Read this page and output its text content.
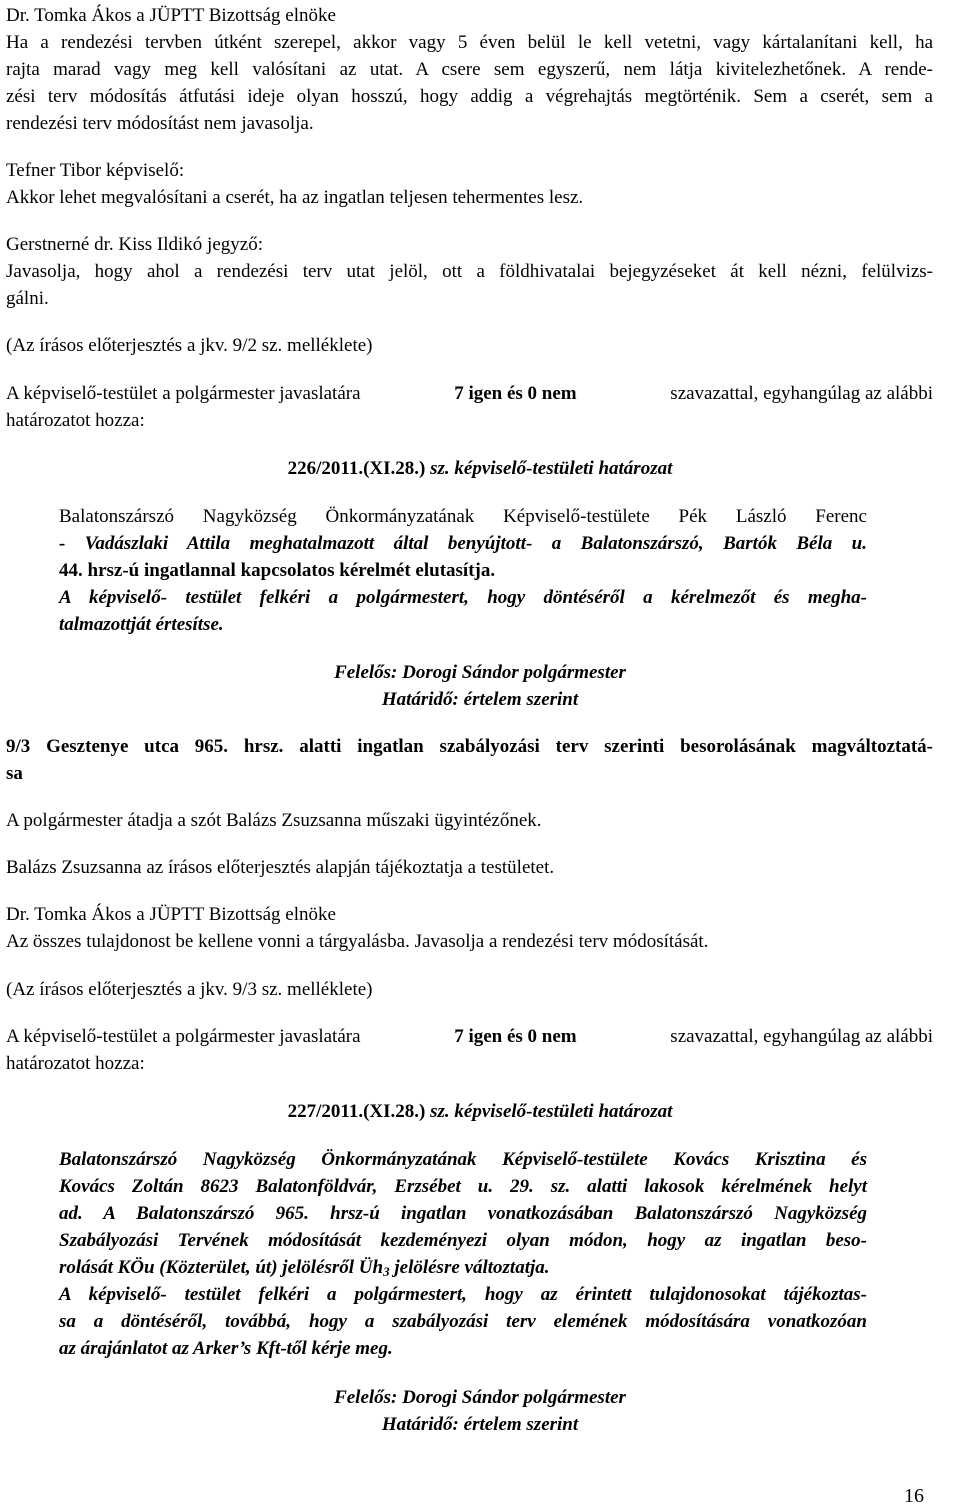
Dr. Tomka Ákos a JÜPTT Bizottság elnöke
Ha a rendezési tervben útként szerepel, akkor vagy 5 éven belül le kell vetetni, vagy kártalanítani kell, ha
rajta marad vagy meg kell valósítani az utat. A csere sem egyszerű, nem látja kivitelezhetőnek. A rende-
zési terv módosítás átfutási ideje olyan hosszú, hogy addig a végrehajtás megtörténik. Sem a cserét, sem a
rendezési terv módosítást nem javasolja.
Tefner Tibor képviselő:
Akkor lehet megvalósítani a cserét, ha az ingatlan teljesen tehermentes lesz.
Gerstnerné dr. Kiss Ildikó jegyző:
Javasolja, hogy ahol a rendezési terv utat jelöl, ott a földhivatalai bejegyzéseket át kell nézni, felülvizs-
gálni.
(Az írásos előterjesztés a jkv. 9/2 sz. melléklete)
A képviselő-testület a polgármester javaslatára	7 igen és 0 nem	szavazattal, egyhangúlag az alábbi
határozatot hozza:
226/2011.(XI.28.) sz. képviselő-testületi határozat
Balatonszárszó Nagyközség Önkormányzatának Képviselő-testülete Pék László Ferenc
- Vadászlaki Attila meghatalmazott által benyújtott- a Balatonszárszó, Bartók Béla u.
44. hrsz-ú ingatlannal kapcsolatos kérelmét elutasítja.
A képviselő- testület felkéri a polgármestert, hogy döntéséről a kérelmezőt és megha-
talmazottját értesítse.
Felelős: Dorogi Sándor polgármester
Határidő: értelem szerint
9/3 Gesztenye utca 965. hrsz. alatti ingatlan szabályozási terv szerinti besorolásának magváltoztatá-
sa
A polgármester átadja a szót Balázs Zsuzsanna műszaki ügyintézőnek.
Balázs Zsuzsanna az írásos előterjesztés alapján tájékoztatja a testületet.
Dr. Tomka Ákos a JÜPTT Bizottság elnöke
Az összes tulajdonost be kellene vonni a tárgyalásba. Javasolja a rendezési terv módosítását.
(Az írásos előterjesztés a jkv. 9/3 sz. melléklete)
A képviselő-testület a polgármester javaslatára	7 igen és 0 nem	szavazattal, egyhangúlag az alábbi
határozatot hozza:
227/2011.(XI.28.) sz. képviselő-testületi határozat
Balatonszárszó Nagyközség Önkormányzatának Képviselő-testülete Kovács Krisztina és
Kovács Zoltán 8623 Balatonföldvár, Erzsébet u. 29. sz. alatti lakosok kérelmének helyt
ad. A Balatonszárszó 965. hrsz-ú ingatlan vonatkozásában Balatonszárszó Nagyközség
Szabályozási Tervének módosítását kezdeményezi olyan módon, hogy az ingatlan beso-
rolását KÖu (Közterület, út) jelölésről $Üh_3$ jelölésre változtatja.
A képviselő- testület felkéri a polgármestert, hogy az érintett tulajdonosokat tájékoztas-
sa a döntéséről, továbbá, hogy a szabályozási terv elemének módosítására vonatkozóan
az árajánlatot az Arker’s Kft-től kérje meg.
Felelős: Dorogi Sándor polgármester
Határidő: értelem szerint
16
